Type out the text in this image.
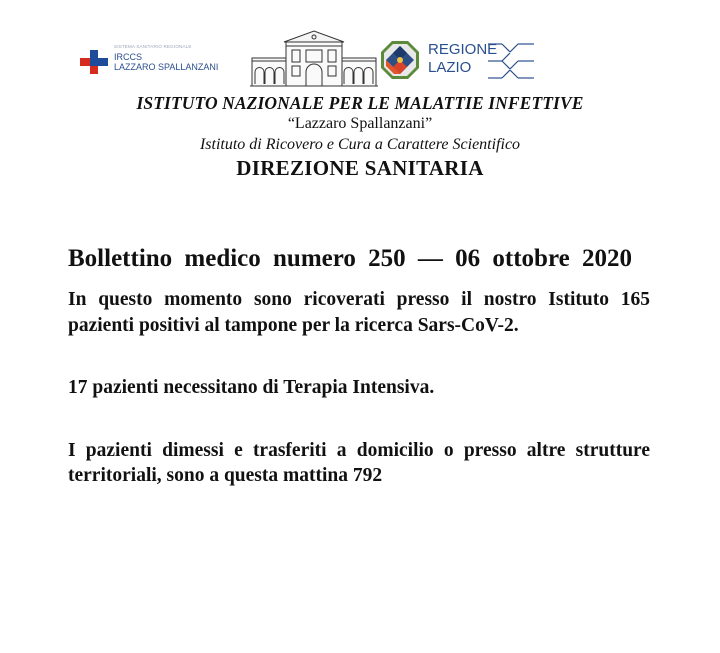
SISTEMA SANITARIO REGIONALE
IRCCS
LAZZARO SPALLANZANI
REGIONE
LAZIO
ISTITUTO NAZIONALE PER LE MALATTIE INFETTIVE
“Lazzaro Spallanzani”
Istituto di Ricovero e Cura a Carattere Scientifico
DIREZIONE SANITARIA
Bollettino medico numero 250 — 06 ottobre 2020

In questo momento sono ricoverati presso il nostro Istituto 165 pazienti positivi al tampone per la ricerca Sars-CoV-2.

17 pazienti necessitano di Terapia Intensiva.

I pazienti dimessi e trasferiti a domicilio o presso altre strutture territoriali, sono a questa mattina 792
